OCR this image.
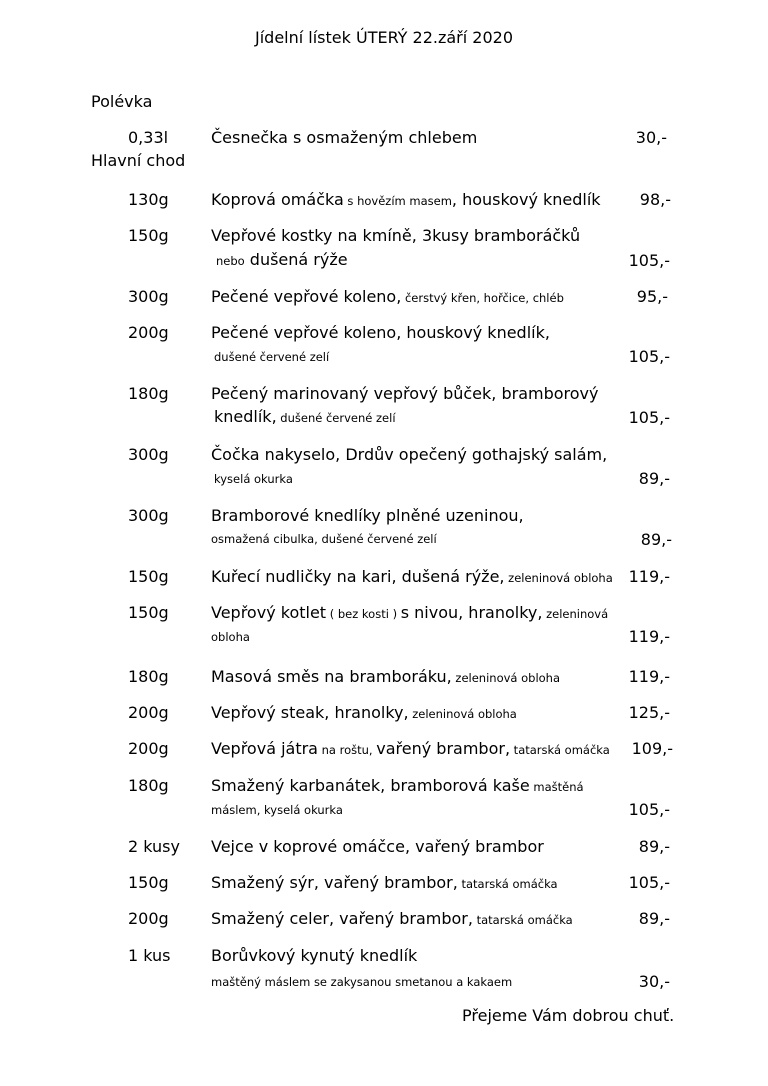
Jídelní lístek ÚTERÝ 22.září 2020
Polévka
0,33l	Česnečka s osmaženým chlebem	30,-
Hlavní chod
130g	Koprová omáčka s hovězím masem, houskový knedlík	98,-
150g	Vepřové kostky na kmíně, 3kusy bramboráčků
nebo dušená rýže	105,-
300g	Pečené vepřové koleno, čerstvý křen, hořčice, chléb	95,-
200g	Pečené vepřové koleno, houskový knedlík,
dušené červené zelí	105,-
180g	Pečený marinovaný vepřový bůček, bramborový
knedlík, dušené červené zelí	105,-
300g	Čočka nakyselo, Drdův opečený gothajský salám,
kyselá okurka	89,-
300g	Bramborové knedlíky plněné uzeninou,
osmažená cibulka, dušené červené zelí	89,-
150g	Kuřecí nudličky na kari, dušená rýže, zeleninová obloha 119,-
150g	Vepřový kotlet ( bez kosti ) s nivou, hranolky, zeleninová
obloha	119,-
180g	Masová směs na bramboráku, zeleninová obloha	119,-
200g	Vepřový steak, hranolky, zeleninová obloha	125,-
200g	Vepřová játra na roštu, vařený brambor, tatarská omáčka	109,-
180g	Smažený karbanátek, bramborová kaše maštěná
máslem, kyselá okurka	105,-
2 kusy Vejce v koprové omáčce, vařený brambor	89,-
150g	Smažený sýr, vařený brambor, tatarská omáčka	105,-
200g	Smažený celer, vařený brambor, tatarská omáčka	89,-
1 kus	Borůvkový kynutý knedlík
maštěný máslem se zakysanou smetanou a kakaem	30,-
Přejeme Vám dobrou chuť.
